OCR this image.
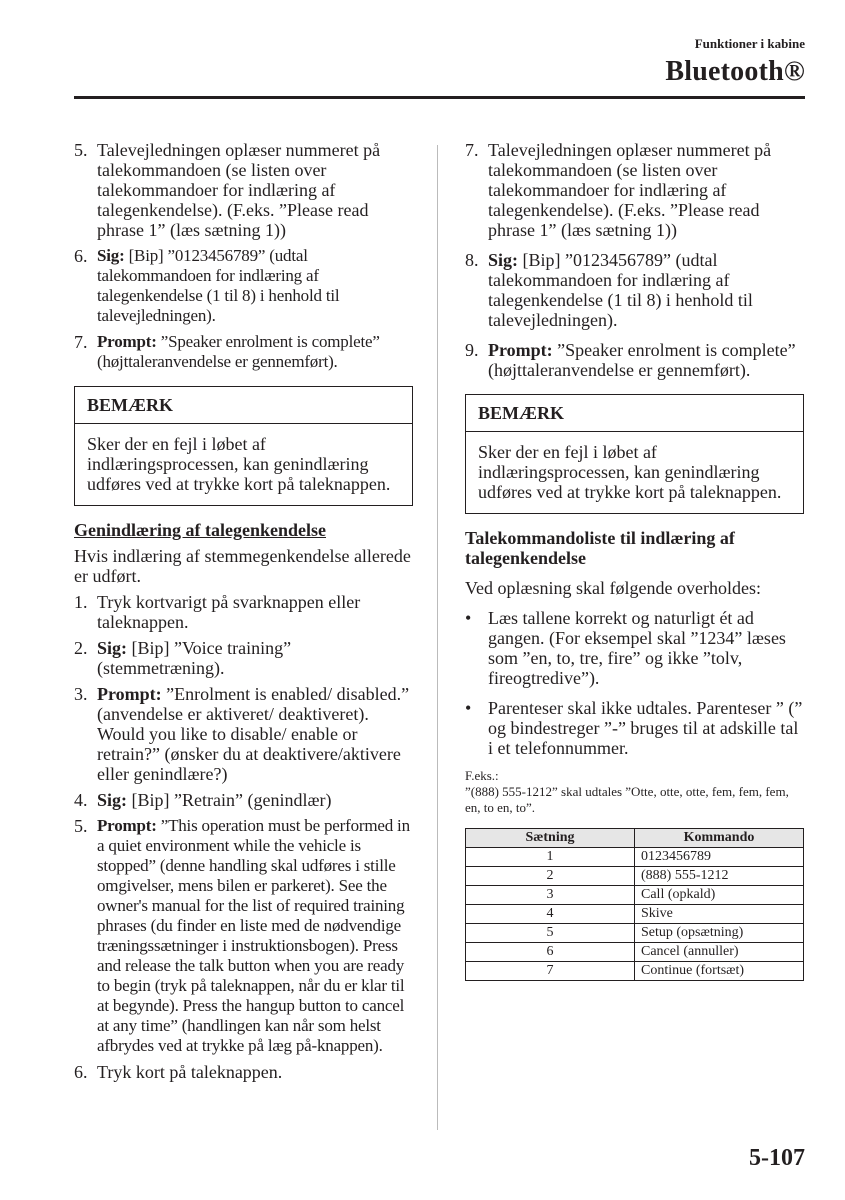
Funktioner i kabine
Bluetooth®
5. Talevejledningen oplæser nummeret på talekommandoen (se listen over talekommandoer for indlæring af talegenkendelse). (F.eks. ”Please read phrase 1” (læs sætning 1))
6. Sig: [Bip] ”0123456789” (udtal talekommandoen for indlæring af talegenkendelse (1 til 8) i henhold til talevejledningen).
7. Prompt: ”Speaker enrolment is complete” (højttaleranvendelse er gennemført).
BEMÆRK
Sker der en fejl i løbet af indlæringsprocessen, kan genindlæring udføres ved at trykke kort på taleknappen.
Genindlæring af talegenkendelse
Hvis indlæring af stemmegenkendelse allerede er udført.
1. Tryk kortvarigt på svarknappen eller taleknappen.
2. Sig: [Bip] ”Voice training” (stemmetræning).
3. Prompt: ”Enrolment is enabled/ disabled.” (anvendelse er aktiveret/ deaktiveret). Would you like to disable/ enable or retrain?” (ønsker du at deaktivere/aktivere eller genindlære?)
4. Sig: [Bip] ”Retrain” (genindlær)
5. Prompt: ”This operation must be performed in a quiet environment while the vehicle is stopped” (denne handling skal udføres i stille omgivelser, mens bilen er parkeret). See the owner's manual for the list of required training phrases (du finder en liste med de nødvendige træningssætninger i instruktionsbogen). Press and release the talk button when you are ready to begin (tryk på taleknappen, når du er klar til at begynde). Press the hangup button to cancel at any time” (handlingen kan når som helst afbrydes ved at trykke på læg på-knappen).
6. Tryk kort på taleknappen.
7. Talevejledningen oplæser nummeret på talekommandoen (se listen over talekommandoer for indlæring af talegenkendelse). (F.eks. ”Please read phrase 1” (læs sætning 1))
8. Sig: [Bip] ”0123456789” (udtal talekommandoen for indlæring af talegenkendelse (1 til 8) i henhold til talevejledningen).
9. Prompt: ”Speaker enrolment is complete” (højttaleranvendelse er gennemført).
BEMÆRK
Sker der en fejl i løbet af indlæringsprocessen, kan genindlæring udføres ved at trykke kort på taleknappen.
Talekommandoliste til indlæring af talegenkendelse
Ved oplæsning skal følgende overholdes:
• Læs tallene korrekt og naturligt ét ad gangen. (For eksempel skal ”1234” læses som ”en, to, tre, fire” og ikke ”tolv, fireogtredive”).
• Parenteser skal ikke udtales. Parenteser ” (” og bindestreger ”-” bruges til at adskille tal i et telefonnummer.
F.eks.:
”(888) 555-1212” skal udtales ”Otte, otte, otte, fem, fem, fem, en, to en, to”.
Sætning	Kommando
1	0123456789
2	(888) 555-1212
3	Call (opkald)
4	Skive
5	Setup (opsætning)
6	Cancel (annuller)
7	Continue (fortsæt)
5-107
